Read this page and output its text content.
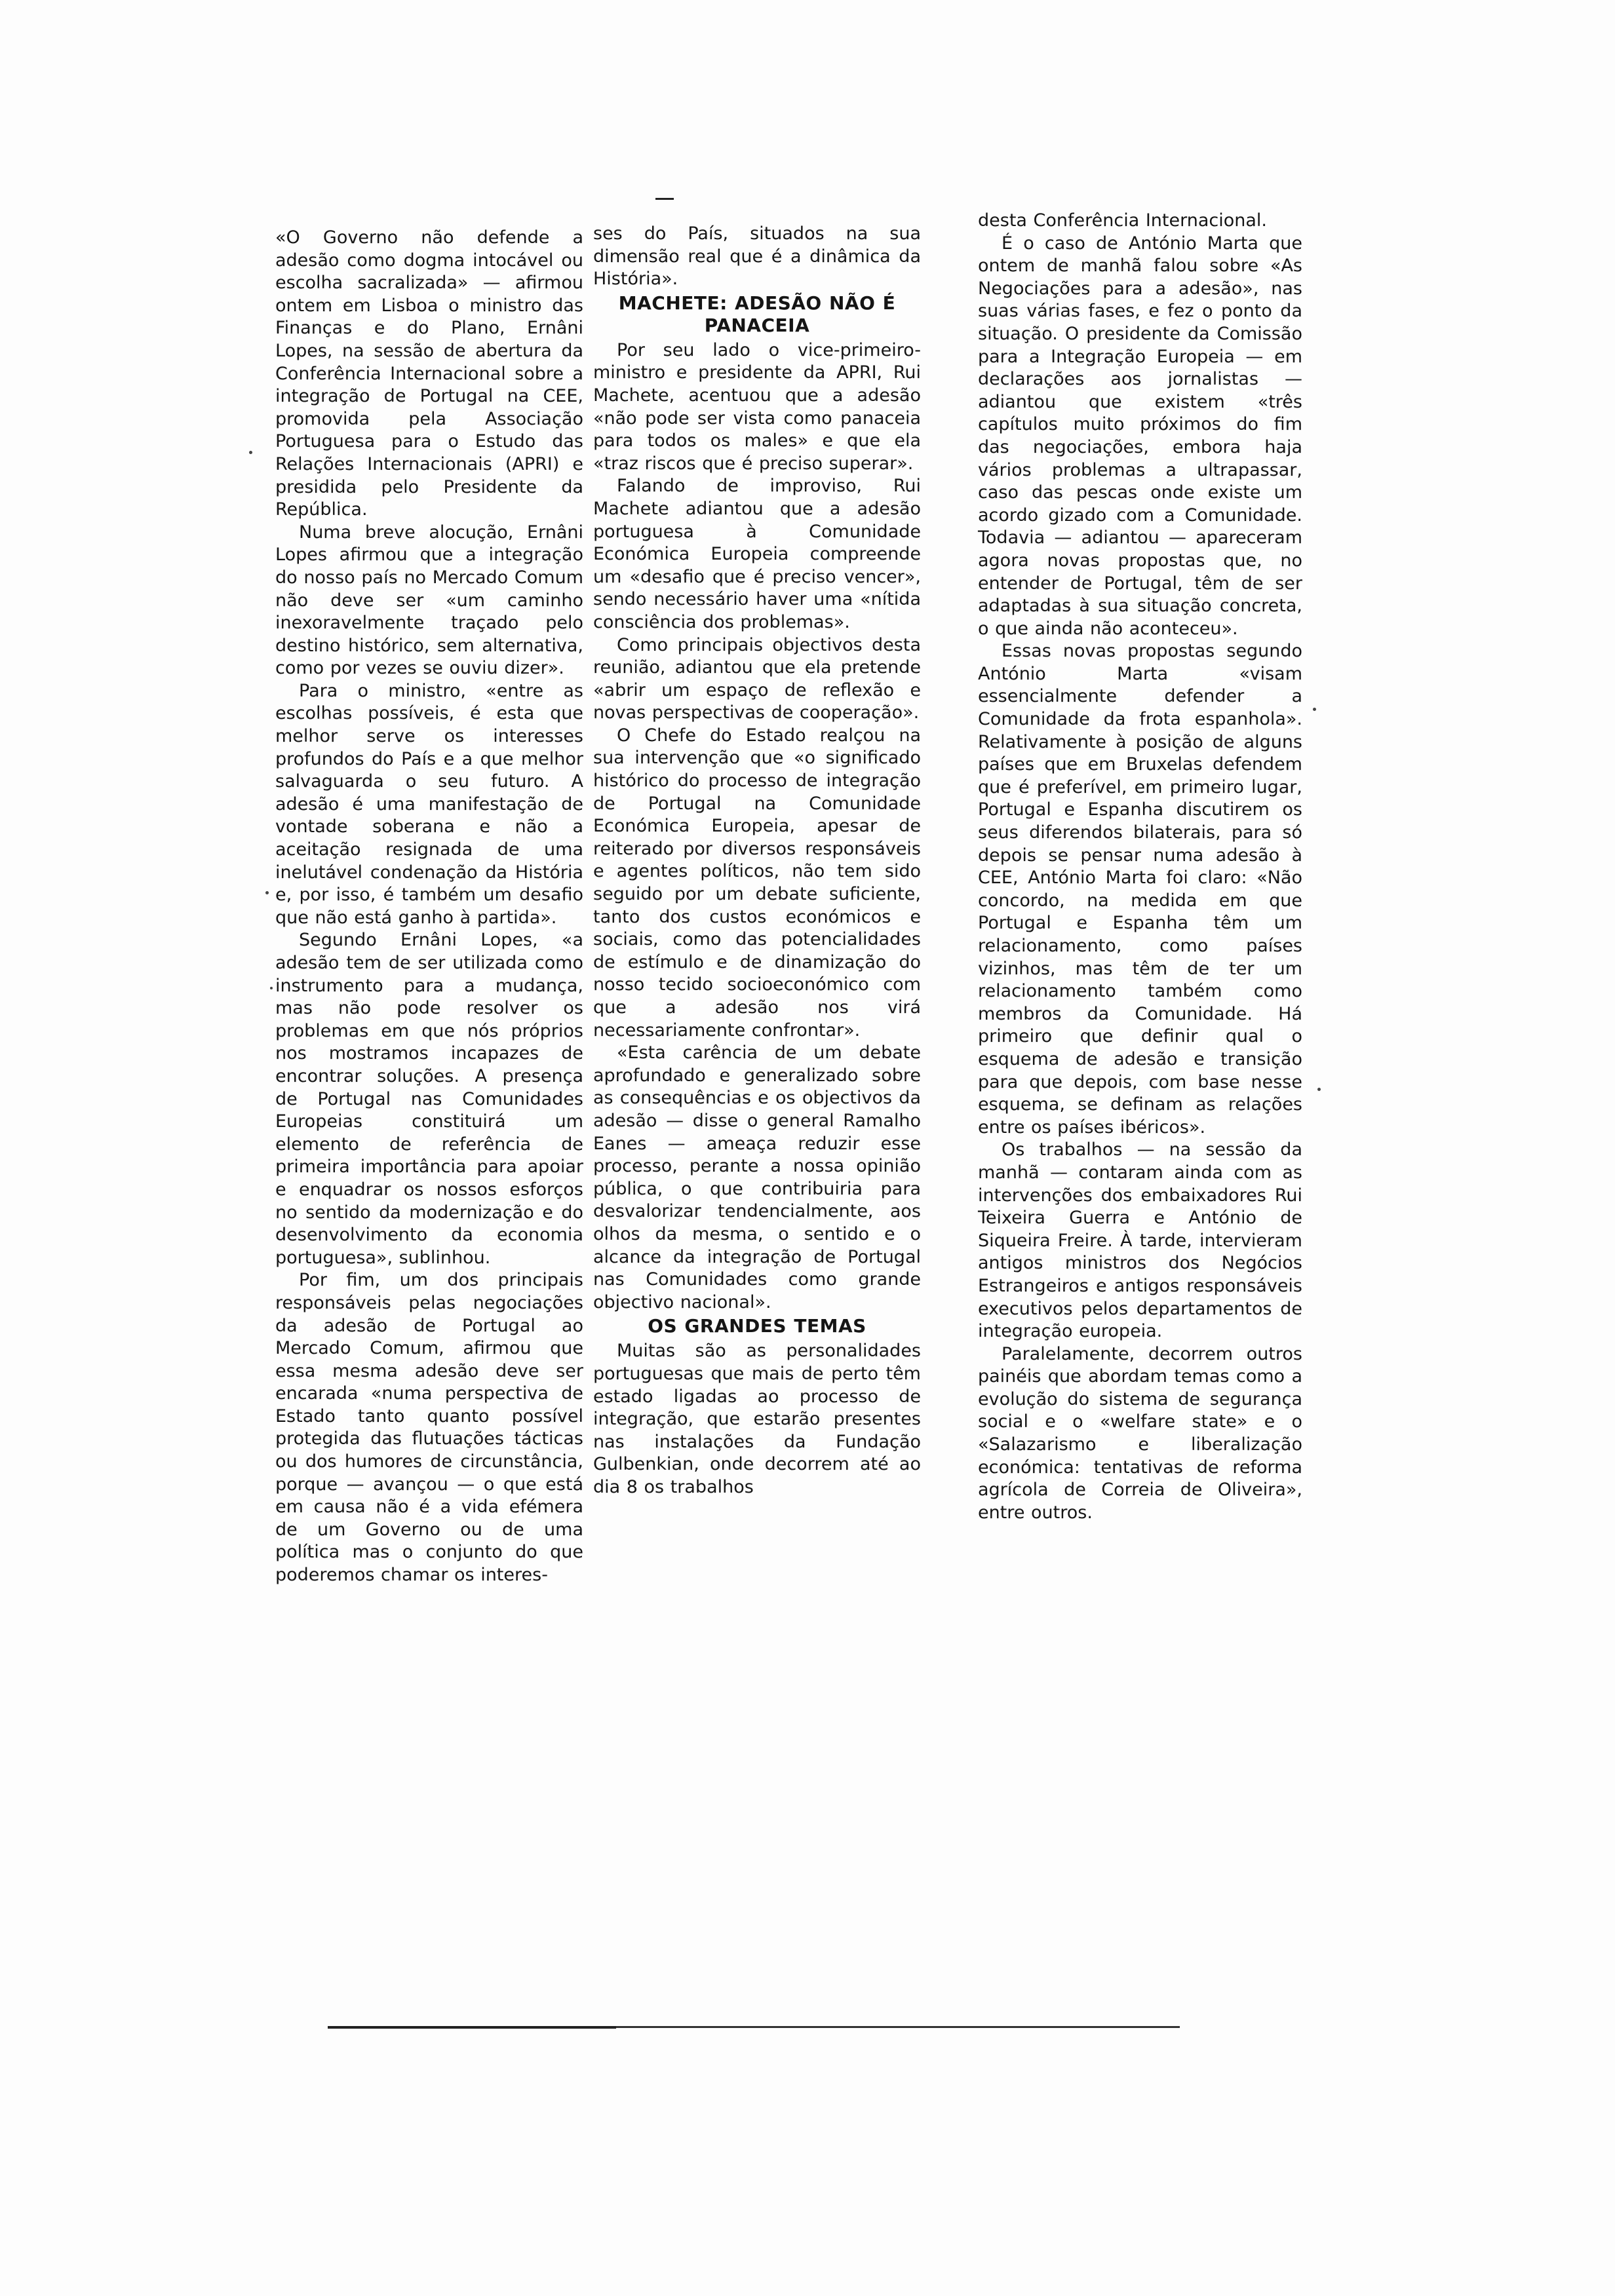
«O Governo não defende a adesão como dogma intocável ou escolha sacralizada» — afirmou ontem em Lisboa o ministro das Finanças e do Plano, Ernâni Lopes, na sessão de abertura da Conferência Internacional sobre a integração de Portugal na CEE, promovida pela Associação Portuguesa para o Estudo das Relações Internacionais (APRI) e presidida pelo Presidente da República.

Numa breve alocução, Ernâni Lopes afirmou que a integração do nosso país no Mercado Comum não deve ser «um caminho inexoravelmente traçado pelo destino histórico, sem alternativa, como por vezes se ouviu dizer».

Para o ministro, «entre as escolhas possíveis, é esta que melhor serve os interesses profundos do País e a que melhor salvaguarda o seu futuro. A adesão é uma manifestação de vontade soberana e não a aceitação resignada de uma inelutável condenação da História e, por isso, é também um desafio que não está ganho à partida».

Segundo Ernâni Lopes, «a adesão tem de ser utilizada como instrumento para a mudança, mas não pode resolver os problemas em que nós próprios nos mostramos incapazes de encontrar soluções. A presença de Portugal nas Comunidades Europeias constituirá um elemento de referência de primeira importância para apoiar e enquadrar os nossos esforços no sentido da modernização e do desenvolvimento da economia portuguesa», sublinhou.

Por fim, um dos principais responsáveis pelas negociações da adesão de Portugal ao Mercado Comum, afirmou que essa mesma adesão deve ser encarada «numa perspectiva de Estado tanto quanto possível protegida das flutuações tácticas ou dos humores de circunstância, porque — avançou — o que está em causa não é a vida efémera de um Governo ou de uma política mas o conjunto do que poderemos chamar os interes-

ses do País, situados na sua dimensão real que é a dinâmica da História».

MACHETE: ADESÃO NÃO É PANACEIA

Por seu lado o vice-primeiro-ministro e presidente da APRI, Rui Machete, acentuou que a adesão «não pode ser vista como panaceia para todos os males» e que ela «traz riscos que é preciso superar».

Falando de improviso, Rui Machete adiantou que a adesão portuguesa à Comunidade Económica Europeia compreende um «desafio que é preciso vencer», sendo necessário haver uma «nítida consciência dos problemas».

Como principais objectivos desta reunião, adiantou que ela pretende «abrir um espaço de reflexão e novas perspectivas de cooperação».

O Chefe do Estado realçou na sua intervenção que «o significado histórico do processo de integração de Portugal na Comunidade Económica Europeia, apesar de reiterado por diversos responsáveis e agentes políticos, não tem sido seguido por um debate suficiente, tanto dos custos económicos e sociais, como das potencialidades de estímulo e de dinamização do nosso tecido socioeconómico com que a adesão nos virá necessariamente confrontar».

«Esta carência de um debate aprofundado e generalizado sobre as consequências e os objectivos da adesão — disse o general Ramalho Eanes — ameaça reduzir esse processo, perante a nossa opinião pública, o que contribuiria para desvalorizar tendencialmente, aos olhos da mesma, o sentido e o alcance da integração de Portugal nas Comunidades como grande objectivo nacional».

OS GRANDES TEMAS

Muitas são as personalidades portuguesas que mais de perto têm estado ligadas ao processo de integração, que estarão presentes nas instalações da Fundação Gulbenkian, onde decorrem até ao dia 8 os trabalhos

desta Conferência Internacional.

É o caso de António Marta que ontem de manhã falou sobre «As Negociações para a adesão», nas suas várias fases, e fez o ponto da situação. O presidente da Comissão para a Integração Europeia — em declarações aos jornalistas — adiantou que existem «três capítulos muito próximos do fim das negociações, embora haja vários problemas a ultrapassar, caso das pescas onde existe um acordo gizado com a Comunidade. Todavia — adiantou — apareceram agora novas propostas que, no entender de Portugal, têm de ser adaptadas à sua situação concreta, o que ainda não aconteceu».

Essas novas propostas segundo António Marta «visam essencialmente defender a Comunidade da frota espanhola». Relativamente à posição de alguns países que em Bruxelas defendem que é preferível, em primeiro lugar, Portugal e Espanha discutirem os seus diferendos bilaterais, para só depois se pensar numa adesão à CEE, António Marta foi claro: «Não concordo, na medida em que Portugal e Espanha têm um relacionamento, como países vizinhos, mas têm de ter um relacionamento também como membros da Comunidade. Há primeiro que definir qual o esquema de adesão e transição para que depois, com base nesse esquema, se definam as relações entre os países ibéricos».

Os trabalhos — na sessão da manhã — contaram ainda com as intervenções dos embaixadores Rui Teixeira Guerra e António de Siqueira Freire. À tarde, intervieram antigos ministros dos Negócios Estrangeiros e antigos responsáveis executivos pelos departamentos de integração europeia.

Paralelamente, decorrem outros painéis que abordam temas como a evolução do sistema de segurança social e o «welfare state» e o «Salazarismo e liberalização económica: tentativas de reforma agrícola de Correia de Oliveira», entre outros.
